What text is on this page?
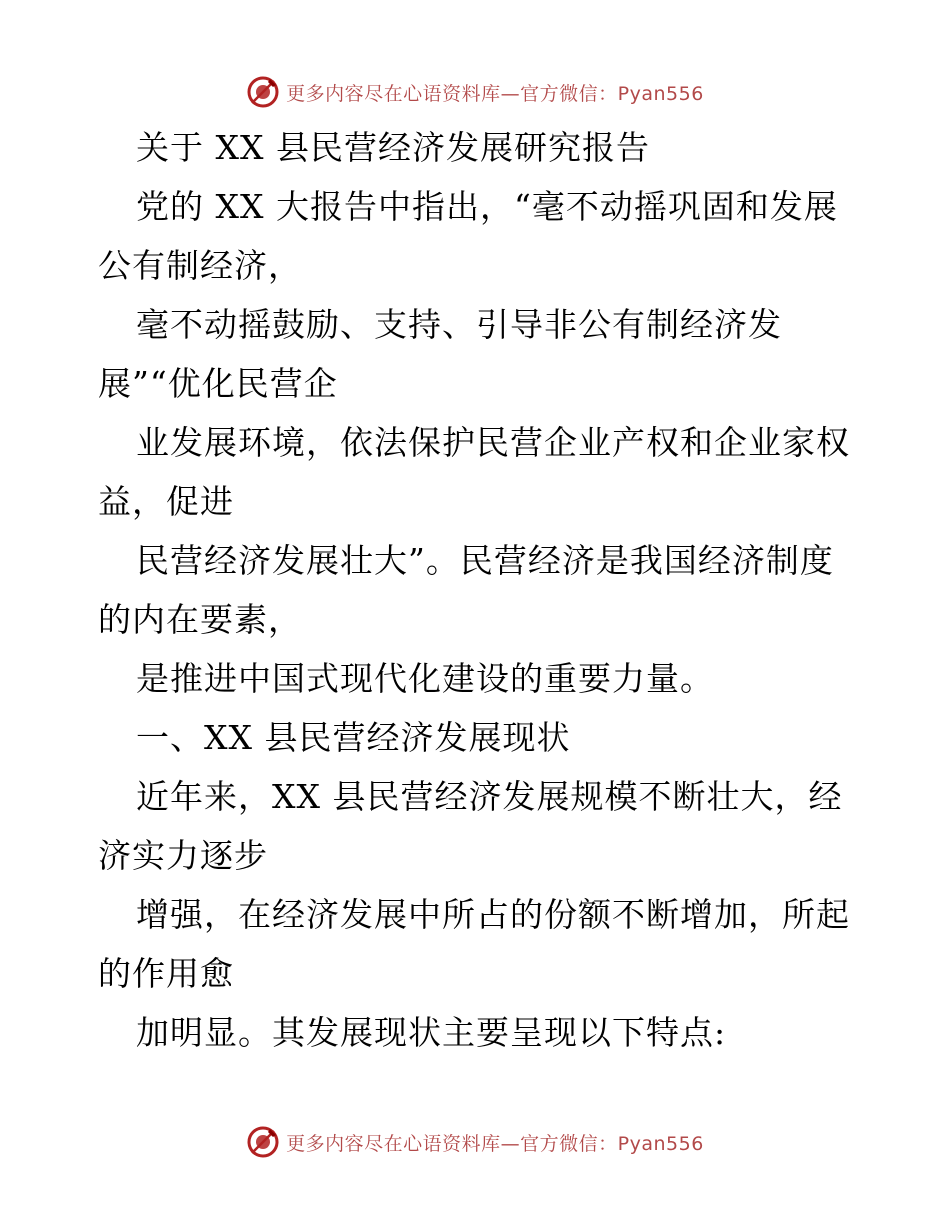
更多内容尽在心语资料库—官方微信：Pyan556

关于 XX 县民营经济发展研究报告

党的 XX 大报告中指出，“毫不动摇巩固和发展公有制经济，

毫不动摇鼓励、支持、引导非公有制经济发 展”“优化民营企

业发展环境，依法保护民营企业产权和企业家权益，促进

民营经济发展壮大”。民营经济是我国经济制度的内在要素，

是推进中国式现代化建设的重要力量。

一、XX 县民营经济发展现状

近年来，XX 县民营经济发展规模不断壮大，经济实力逐步

增强，在经济发展中所占的份额不断增加，所起的作用愈

加明显。其发展现状主要呈现以下特点:

更多内容尽在心语资料库—官方微信：Pyan556
